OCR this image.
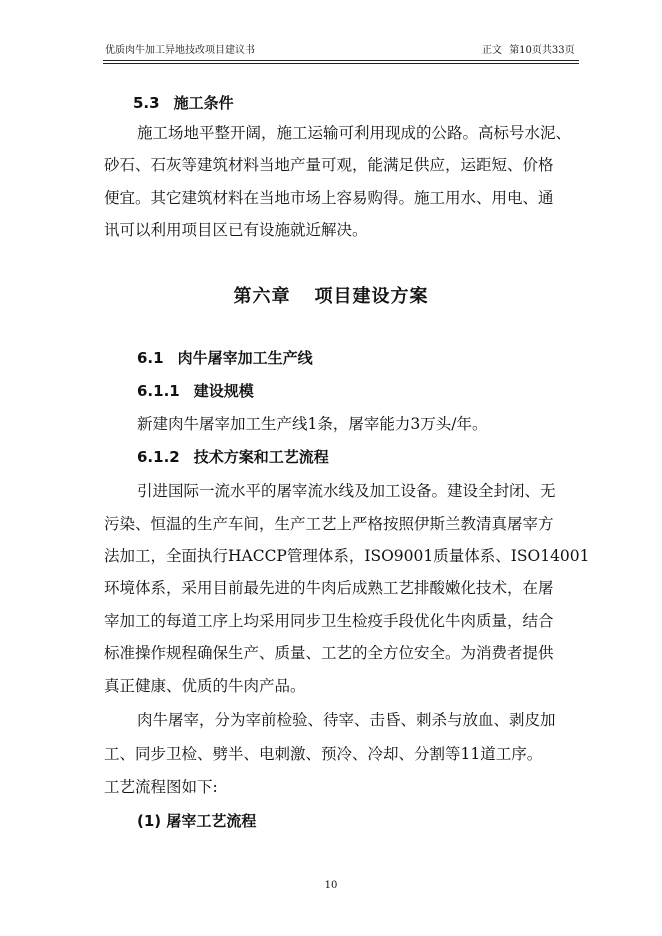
优质肉牛加工异地技改项目建议书	正文 第10页共33页
5.3 施工条件
施工场地平整开阔，施工运输可利用现成的公路。高标号水泥、
砂石、石灰等建筑材料当地产量可观，能满足供应，运距短、价格
便宜。其它建筑材料在当地市场上容易购得。施工用水、用电、通
讯可以利用项目区已有设施就近解决。
第六章 项目建设方案
6.1 肉牛屠宰加工生产线
6.1.1 建设规模
新建肉牛屠宰加工生产线1条，屠宰能力3万头/年。
6.1.2 技术方案和工艺流程
引进国际一流水平的屠宰流水线及加工设备。建设全封闭、无
污染、恒温的生产车间，生产工艺上严格按照伊斯兰教清真屠宰方
法加工，全面执行HACCP管理体系，ISO9001质量体系、ISO14001
环境体系，采用目前最先进的牛肉后成熟工艺排酸嫩化技术，在屠
宰加工的每道工序上均采用同步卫生检疫手段优化牛肉质量，结合
标准操作规程确保生产、质量、工艺的全方位安全。为消费者提供
真正健康、优质的牛肉产品。
肉牛屠宰，分为宰前检验、待宰、击昏、刺杀与放血、剥皮加
工、同步卫检、劈半、电刺激、预冷、冷却、分割等11道工序。
工艺流程图如下:
(1) 屠宰工艺流程
10
